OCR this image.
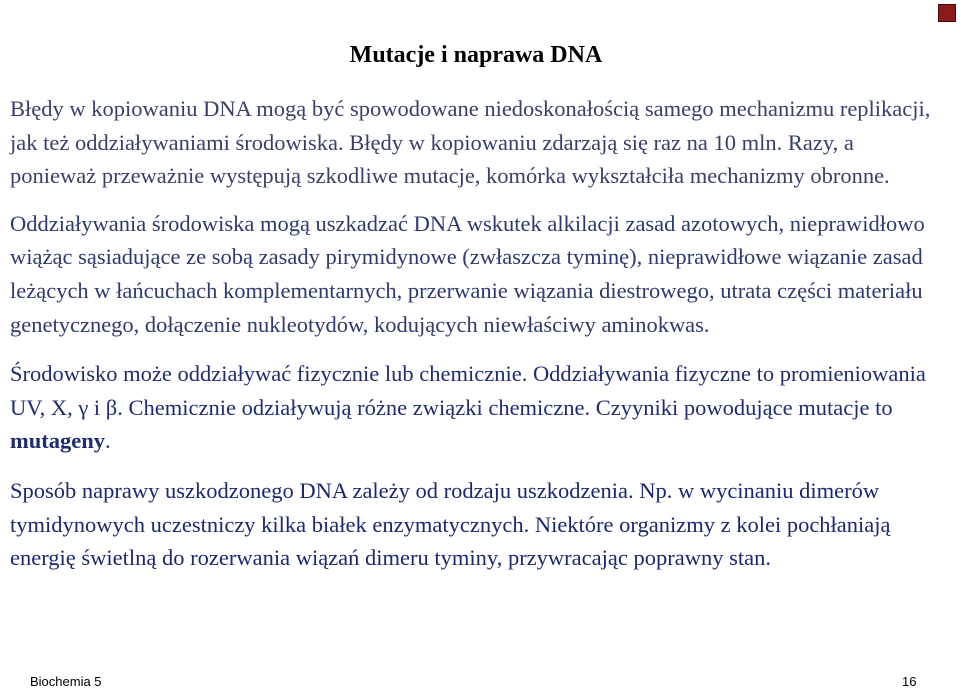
Mutacje i naprawa DNA

Błędy w kopiowaniu DNA mogą być spowodowane niedoskonałością samego mechanizmu replikacji, jak też oddziaływaniami środowiska. Błędy w kopiowaniu zdarzają się raz na 10 mln. Razy, a ponieważ przeważnie występują szkodliwe mutacje, komórka wykształciła mechanizmy obronne.

Oddziaływania środowiska mogą uszkadzać DNA wskutek alkilacji zasad azotowych, nieprawidłowo wiążąc sąsiadujące ze sobą zasady pirymidynowe (zwłaszcza tyminę), nieprawidłowe wiązanie zasad leżących w łańcuchach komplementarnych, przerwanie wiązania diestrowego, utrata części materiału genetycznego, dołączenie nukleotydów, kodujących niewłaściwy aminokwas.

Środowisko może oddziaływać fizycznie lub chemicznie. Oddziaływania fizyczne to promieniowania UV, X, γ i β. Chemicznie odziaływują różne związki chemiczne. Czyyniki powodujące mutacje to mutageny.

Sposób naprawy uszkodzonego DNA zależy od rodzaju uszkodzenia. Np. w wycinaniu dimerów tymidynowych uczestniczy kilka białek enzymatycznych. Niektóre organizmy z kolei pochłaniają energię świetlną do rozerwania wiązań dimeru tyminy, przywracając poprawny stan.

Biochemia 5	16
